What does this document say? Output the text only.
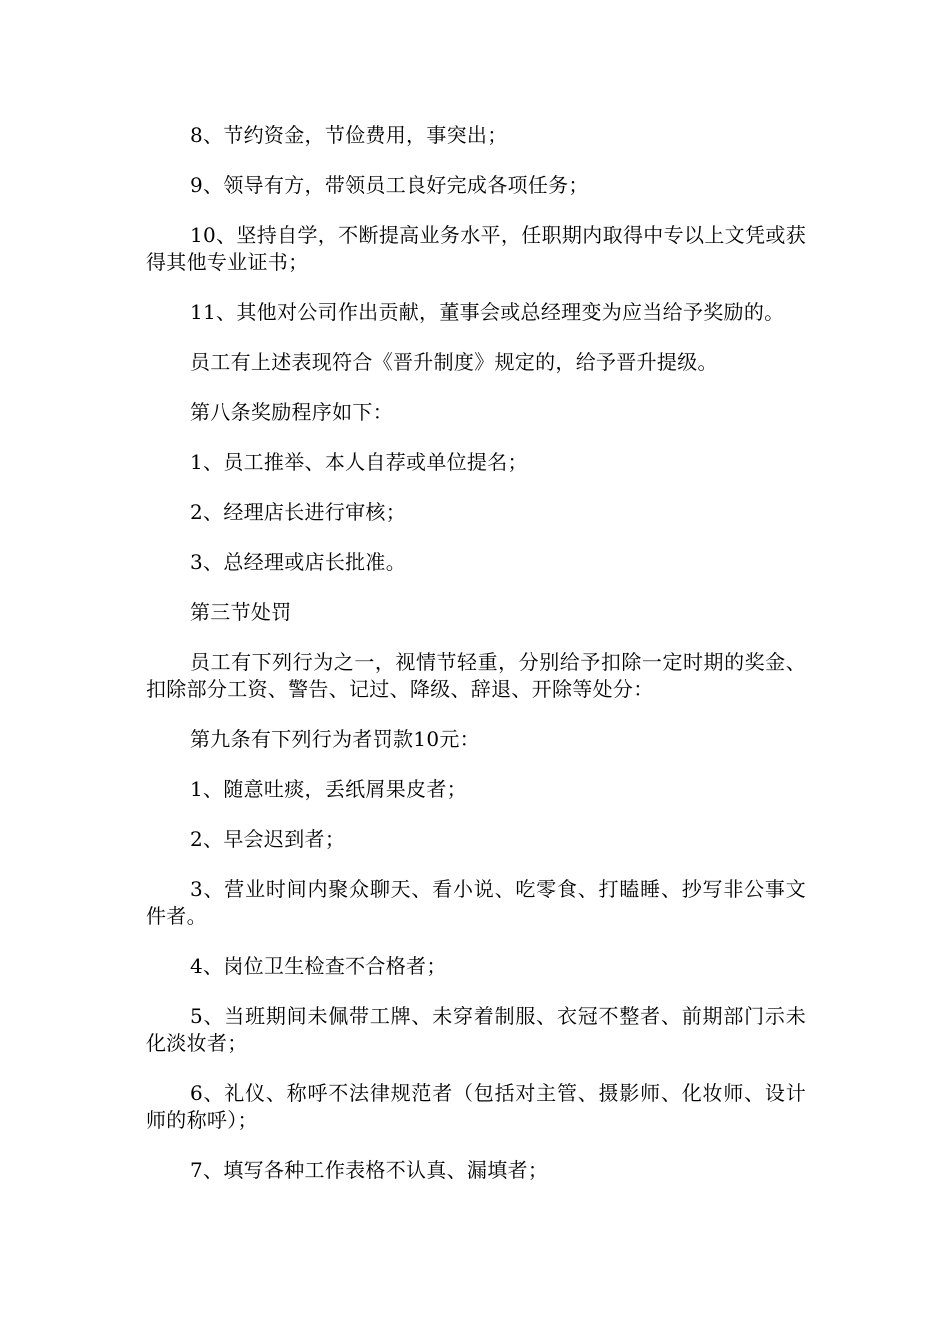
8、节约资金，节俭费用，事突出；

9、领导有方，带领员工良好完成各项任务；

10、坚持自学，不断提高业务水平，任职期内取得中专以上文凭或获得其他专业证书；

11、其他对公司作出贡献，董事会或总经理变为应当给予奖励的。

员工有上述表现符合《晋升制度》规定的，给予晋升提级。

第八条奖励程序如下：

1、员工推举、本人自荐或单位提名；

2、经理店长进行审核；

3、总经理或店长批准。

第三节处罚

员工有下列行为之一，视情节轻重，分别给予扣除一定时期的奖金、扣除部分工资、警告、记过、降级、辞退、开除等处分：

第九条有下列行为者罚款10元：

1、随意吐痰，丢纸屑果皮者；

2、早会迟到者；

3、营业时间内聚众聊天、看小说、吃零食、打瞌睡、抄写非公事文件者。

4、岗位卫生检查不合格者；

5、当班期间未佩带工牌、未穿着制服、衣冠不整者、前期部门示未化淡妆者；

6、礼仪、称呼不法律规范者（包括对主管、摄影师、化妆师、设计师的称呼）；

7、填写各种工作表格不认真、漏填者；
